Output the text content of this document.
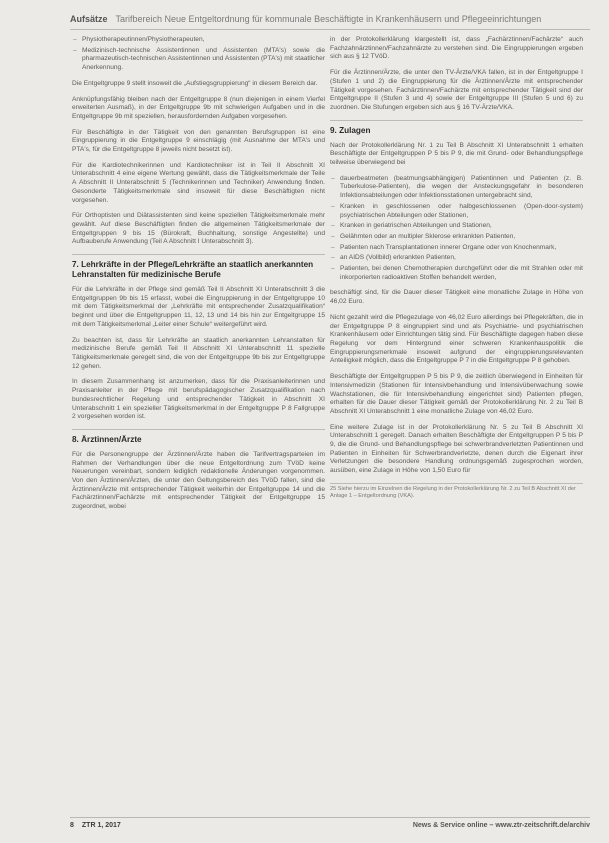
Aufsätze Tarifbereich Neue Entgeltordnung für kommunale Beschäftigte in Krankenhäusern und Pflegeeinrichtungen
– Physiotherapeutinnen/Physiotherapeuten,
– Medizinisch-technische Assistentinnen und Assistenten (MTA's) sowie die pharmazeutisch-technischen Assistentinnen und Assistenten (PTA's) mit staatlicher Anerkennung.

Die Entgeltgruppe 9 stellt insoweit die „Aufstiegsgruppierung“ in diesem Bereich dar.

Anknüpfungsfähig bleiben nach der Entgeltgruppe 8 (nun diejenigen in einem Vierfel erweiterten Ausmaß), in der Entgeltgruppe 9b mit schwierigen Aufgaben und in die Entgeltgruppe 9b mit speziellen, herausfordernden Aufgaben vorgesehen.

Für Beschäftigte in der Tätigkeit von den genannten Berufsgruppen ist eine Eingruppierung in die Entgeltgruppe 9 einschlägig (mit Ausnahme der MTA's und PTA's, für die Entgeltgruppe 8 jeweils nicht besetzt ist).

Für die Kardiotechnikerinnen und Kardiotechniker ist in Teil II Abschnitt XI Unterabschnitt 4 eine eigene Wertung gewählt, dass die Tätigkeitsmerkmale der Teile A Abschnitt II Unterabschnitt 5 (Technikerinnen und Techniker) Anwendung finden. Gesonderte Tätigkeitsmerkmale sind insoweit für diese Beschäftigten nicht vorgesehen.

Für Orthoptisten und Diätassistenten sind keine speziellen Tätigkeitsmerkmale mehr gewählt. Auf diese Beschäftigten finden die allgemeinen Tätigkeitsmerkmale der Entgeltgruppen 9 bis 15 (Bürokraft, Buchhaltung, sonstige Angestellte) und Aufbauberufe Anwendung (Teil A Abschnitt I Unterabschnitt 3).

7. Lehrkräfte in der Pflege/Lehrkräfte an staatlich anerkannten Lehranstalten für medizinische Berufe

Für die Lehrkräfte in der Pflege sind gemäß Teil II Abschnitt XI Unterabschnitt 3 die Entgeltgruppen 9b bis 15 erfasst, wobei die Eingruppierung in der Entgeltgruppe 10 mit dem Tätigkeitsmerkmal der „Lehrkräfte mit entsprechender Zusatzqualifikation“ beginnt und über die Entgeltgruppen 11, 12, 13 und 14 bis hin zur Entgeltgruppe 15 mit dem Tätigkeitsmerkmal „Leiter einer Schule“ weitergeführt wird.

Zu beachten ist, dass für Lehrkräfte an staatlich anerkannten Lehranstalten für medizinische Berufe gemäß Teil II Abschnitt XI Unterabschnitt 11 spezielle Tätigkeitsmerkmale geregelt sind, die von der Entgeltgruppe 9b bis zur Entgeltgruppe 12 gehen.

In diesem Zusammenhang ist anzumerken, dass für die Praxisanleiterinnen und Praxisanleiter in der Pflege mit berufspädagogischer Zusatzqualifikation nach bundesrechtlicher Regelung und entsprechender Tätigkeit in Abschnitt XI Unterabschnitt 1 ein spezieller Tätigkeitsmerkmal in der Entgeltgruppe P 8 Fallgruppe 2 vorgesehen worden ist.

8. Ärztinnen/Ärzte

Für die Personengruppe der Ärztinnen/Ärzte haben die Tarifvertragsparteien im Rahmen der Verhandlungen über die neue Entgeltordnung zum TVöD keine Neuerungen vereinbart, sondern lediglich redaktionelle Änderungen vorgenommen. Von den Ärztinnen/Ärzten, die unter den Geltungsbereich des TVöD fallen, sind die Ärztinnen/Ärzte mit entsprechender Tätigkeit weiterhin der Entgeltgruppe 14 und die Fachärztinnen/Fachärzte mit entsprechender Tätigkeit der Entgeltgruppe 15 zugeordnet, wobei

in der Protokollerklärung klargestellt ist, dass „Fachärztinnen/Fachärzte“ auch Fachzahnärztinnen/Fachzahnärzte zu verstehen sind. Die Eingruppierungen ergeben sich aus § 12 TVöD.

Für die Ärztinnen/Ärzte, die unter den TV-Ärzte/VKA fallen, ist in der Entgeltgruppe I (Stufen 1 und 2) die Eingruppierung für die Ärztinnen/Ärzte mit entsprechender Tätigkeit vorgesehen. Fachärztinnen/Fachärzte mit entsprechender Tätigkeit sind der Entgeltgruppe II (Stufen 3 und 4) sowie der Entgeltgruppe III (Stufen 5 und 6) zu zuordnen. Die Stufungen ergeben sich aus § 16 TV-Ärzte/VKA.

9. Zulagen

Nach der Protokollerklärung Nr. 1 zu Teil B Abschnitt XI Unterabschnitt 1 erhalten Beschäftigte der Entgeltgruppen P 5 bis P 9, die mit Grund- oder Behandlungspflege teilweise überwiegend bei

– dauerbeatmeten (beatmungsabhängigen) Patientinnen und Patienten (z. B. Tuberkulose-Patienten), die wegen der Ansteckungsgefahr in besonderen Infektionsabteilungen oder Infektionsstationen untergebracht sind,
– Kranken in geschlossenen oder halbgeschlossenen (Open-door-system) psychiatrischen Abteilungen oder Stationen,
– Kranken in geriatrischen Abteilungen und Stationen,
– Gelähmten oder an multipler Sklerose erkrankten Patienten,
– Patienten nach Transplantationen innerer Organe oder von Knochenmark,
– an AIDS (Vollbild) erkrankten Patienten,
– Patienten, bei denen Chemotherapien durchgeführt oder die mit Strahlen oder mit inkorporierten radioaktiven Stoffen behandelt werden,

beschäftigt sind, für die Dauer dieser Tätigkeit eine monatliche Zulage in Höhe von 46,02 Euro.

Nicht gezahlt wird die Pflegezulage von 46,02 Euro allerdings bei Pflegekräften, die in der Entgeltgruppe P 8 eingruppiert sind und als Psychiatrie- und psychiatrischen Krankenhäusern oder Einrichtungen tätig sind. Für Beschäftigte dagegen haben diese Regelung vor dem Hintergrund einer schweren Krankenhauspolitik die Eingruppierungsmerkmale insoweit aufgrund der eingruppierungsrelevanten Anteiligkeit möglich, dass die Entgeltgruppe P 7 in die Entgeltgruppe P 8 gehoben.

Beschäftigte der Entgeltgruppen P 5 bis P 9, die zeitlich überwiegend in Einheiten für Intensivmedizin (Stationen für Intensivbehandlung und Intensivüberwachung sowie Wachstationen, die für Intensivbehandlung eingerichtet sind) Patienten pflegen, erhalten für die Dauer dieser Tätigkeit gemäß der Protokollerklärung Nr. 2 zu Teil B Abschnitt XI Unterabschnitt 1 eine monatliche Zulage von 46,02 Euro.

Eine weitere Zulage ist in der Protokollerklärung Nr. 5 zu Teil B Abschnitt XI Unterabschnitt 1 geregelt. Danach erhalten Beschäftigte der Entgeltgruppen P 5 bis P 9, die die Grund- und Behandlungspflege bei schwerbrandverletzten Patientinnen und Patienten in Einheiten für Schwerbrandverletzte, denen durch die Eigenart ihrer Verletzungen die besondere Handlung ordnungsgemäß zugesprochen worden, ausüben, eine Zulage in Höhe von 1,50 Euro für

25 Siehe hierzu im Einzelnen die Regelung in der Protokollerklärung Nr. 2 zu Teil B Abschnitt XI der Anlage 1 – Entgeltordnung (VKA).
8 ZTR 1, 2017	News & Service online – www.ztr-zeitschrift.de/archiv
